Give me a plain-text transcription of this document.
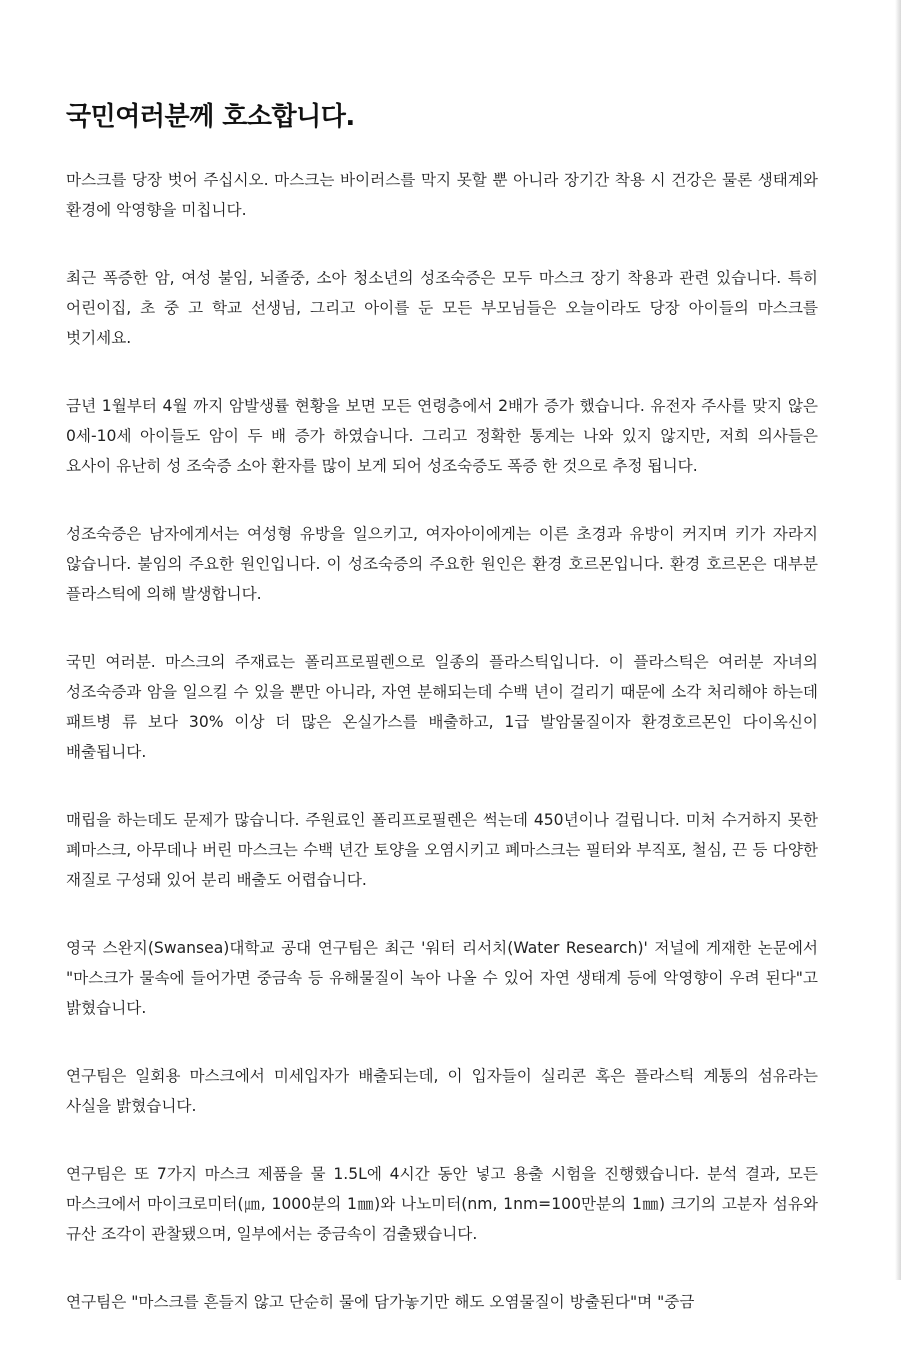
국민여러분께 호소합니다.

마스크를 당장 벗어 주십시오. 마스크는 바이러스를 막지 못할 뿐 아니라 장기간 착용 시 건강은 물론 생태계와 환경에 악영향을 미칩니다.

최근 폭증한 암, 여성 불임, 뇌졸중, 소아 청소년의 성조숙증은 모두 마스크 장기 착용과 관련 있습니다. 특히 어린이집, 초 중 고 학교 선생님, 그리고 아이를 둔 모든 부모님들은 오늘이라도 당장 아이들의 마스크를 벗기세요.

금년 1월부터 4월 까지 암발생률 현황을 보면 모든 연령층에서 2배가 증가 했습니다. 유전자 주사를 맞지 않은 0세-10세 아이들도 암이 두 배 증가 하였습니다. 그리고 정확한 통계는 나와 있지 않지만, 저희 의사들은 요사이 유난히 성 조숙증 소아 환자를 많이 보게 되어 성조숙증도 폭증 한 것으로 추정 됩니다.

성조숙증은 남자에게서는 여성형 유방을 일으키고, 여자아이에게는 이른 초경과 유방이 커지며 키가 자라지 않습니다. 불임의 주요한 원인입니다. 이 성조숙증의 주요한 원인은 환경 호르몬입니다. 환경 호르몬은 대부분 플라스틱에 의해 발생합니다.

국민 여러분. 마스크의 주재료는 폴리프로필렌으로 일종의 플라스틱입니다. 이 플라스틱은 여러분 자녀의 성조숙증과 암을 일으킬 수 있을 뿐만 아니라, 자연 분해되는데 수백 년이 걸리기 때문에 소각 처리해야 하는데 패트병 류 보다 30% 이상 더 많은 온실가스를 배출하고, 1급 발암물질이자 환경호르몬인 다이옥신이 배출됩니다.

매립을 하는데도 문제가 많습니다. 주원료인 폴리프로필렌은 썩는데 450년이나 걸립니다. 미처 수거하지 못한 폐마스크, 아무데나 버린 마스크는 수백 년간 토양을 오염시키고 폐마스크는 필터와 부직포, 철심, 끈 등 다양한 재질로 구성돼 있어 분리 배출도 어렵습니다.

영국 스완지(Swansea)대학교 공대 연구팀은 최근 '워터 리서치(Water Research)' 저널에 게재한 논문에서 "마스크가 물속에 들어가면 중금속 등 유해물질이 녹아 나올 수 있어 자연 생태계 등에 악영향이 우려 된다"고 밝혔습니다.

연구팀은 일회용 마스크에서 미세입자가 배출되는데, 이 입자들이 실리콘 혹은 플라스틱 계통의 섬유라는 사실을 밝혔습니다.

연구팀은 또 7가지 마스크 제품을 물 1.5L에 4시간 동안 넣고 용출 시험을 진행했습니다. 분석 결과, 모든 마스크에서 마이크로미터(㎛, 1000분의 1㎜)와 나노미터(nm, 1nm=100만분의 1㎜) 크기의 고분자 섬유와 규산 조각이 관찰됐으며, 일부에서는 중금속이 검출됐습니다.

연구팀은 "마스크를 흔들지 않고 단순히 물에 담가놓기만 해도 오염물질이 방출된다"며 "중금
